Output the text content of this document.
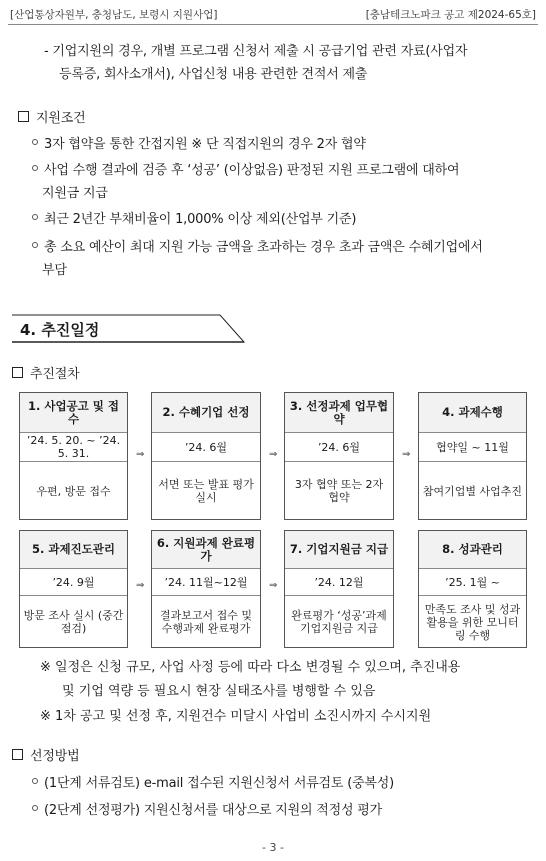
[산업통상자원부, 충청남도, 보령시 지원사업]	[충남테크노파크 공고 제2024-65호]
- 기업지원의 경우, 개별 프로그램 신청서 제출 시 공급기업 관련 자료(사업자
등록증, 회사소개서), 사업신청 내용 관련한 견적서 제출
지원조건
3자 협약을 통한 간접지원 ※ 단 직접지원의 경우 2자 협약
사업 수행 결과에 검증 후 ‘성공’ (이상없음) 판정된 지원 프로그램에 대하여
지원금 지급
최근 2년간 부채비율이 1,000% 이상 제외(산업부 기준)
총 소요 예산이 최대 지원 가능 금액을 초과하는 경우 초과 금액은 수혜기업에서
부담
4. 추진일정
추진절차
1. 사업공고 및 접수
’24. 5. 20. ~ ’24. 5. 31.
우편, 방문 접수
⇒
2. 수혜기업 선정
’24. 6월
서면 또는 발표 평가 실시
⇒
3. 선정과제 업무협약
’24. 6월
3자 협약 또는 2자 협약
⇒
4. 과제수행
협약일 ~ 11월
참여기업별 사업추진
5. 과제진도관리
’24. 9월
방문 조사 실시 (중간점검)
⇒
6. 지원과제 완료평가
’24. 11월~12월
결과보고서 접수 및 수행과제 완료평가
⇒
7. 기업지원금 지급
’24. 12월
완료평가 ‘성공’과제 기업지원금 지급
8. 성과관리
’25. 1월 ~
만족도 조사 및 성과활용을 위한 모니터링 수행
※ 일정은 신청 규모, 사업 사정 등에 따라 다소 변경될 수 있으며, 추진내용
및 기업 역량 등 필요시 현장 실태조사를 병행할 수 있음
※ 1차 공고 및 선정 후, 지원건수 미달시 사업비 소진시까지 수시지원
선정방법
(1단계 서류검토) e-mail 접수된 지원신청서 서류검토 (중복성)
(2단계 선정평가) 지원신청서를 대상으로 지원의 적정성 평가
- 3 -
